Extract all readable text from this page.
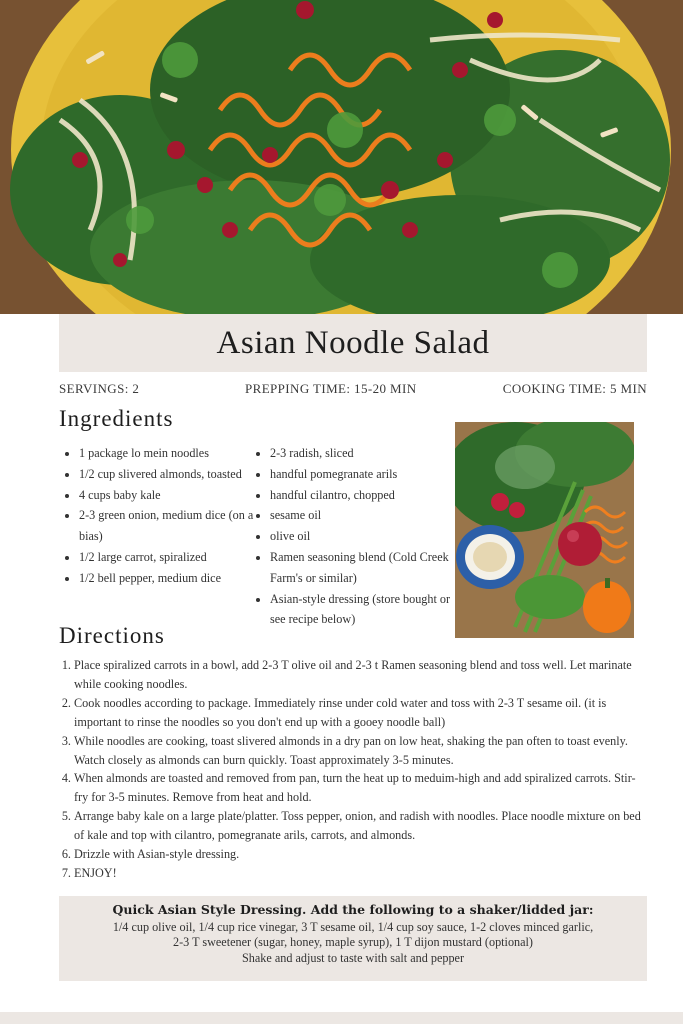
Asian Noodle Salad
SERVINGS: 2	PREPPING TIME: 15-20 MIN	COOKING TIME: 5 MIN
Ingredients
• 1 package lo mein noodles
• 1/2 cup slivered almonds, toasted
• 4 cups baby kale
• 2-3 green onion, medium dice (on a bias)
• 1/2 large carrot, spiralized
• 1/2 bell pepper, medium dice
• 2-3 radish, sliced
• handful pomegranate arils
• handful cilantro, chopped
• sesame oil
• olive oil
• Ramen seasoning blend (Cold Creek Farm's or similar)
• Asian-style dressing (store bought or see recipe below)
Directions
1. Place spiralized carrots in a bowl, add 2-3 T olive oil and 2-3 t Ramen seasoning blend and toss well. Let marinate while cooking noodles.
2. Cook noodles according to package. Immediately rinse under cold water and toss with 2-3 T sesame oil. (it is important to rinse the noodles so you don't end up with a gooey noodle ball)
3. While noodles are cooking, toast slivered almonds in a dry pan on low heat, shaking the pan often to toast evenly. Watch closely as almonds can burn quickly. Toast approximately 3-5 minutes.
4. When almonds are toasted and removed from pan, turn the heat up to meduim-high and add spiralized carrots. Stir-fry for 3-5 minutes. Remove from heat and hold.
5. Arrange baby kale on a large plate/platter. Toss pepper, onion, and radish with noodles. Place noodle mixture on bed of kale and top with cilantro, pomegranate arils, carrots, and almonds.
6. Drizzle with Asian-style dressing.
7. ENJOY!
Quick Asian Style Dressing. Add the following to a shaker/lidded jar:
1/4 cup olive oil, 1/4 cup rice vinegar, 3 T sesame oil, 1/4 cup soy sauce, 1-2 cloves minced garlic,
2-3 T sweetener (sugar, honey, maple syrup), 1 T dijon mustard (optional)
Shake and adjust to taste with salt and pepper
